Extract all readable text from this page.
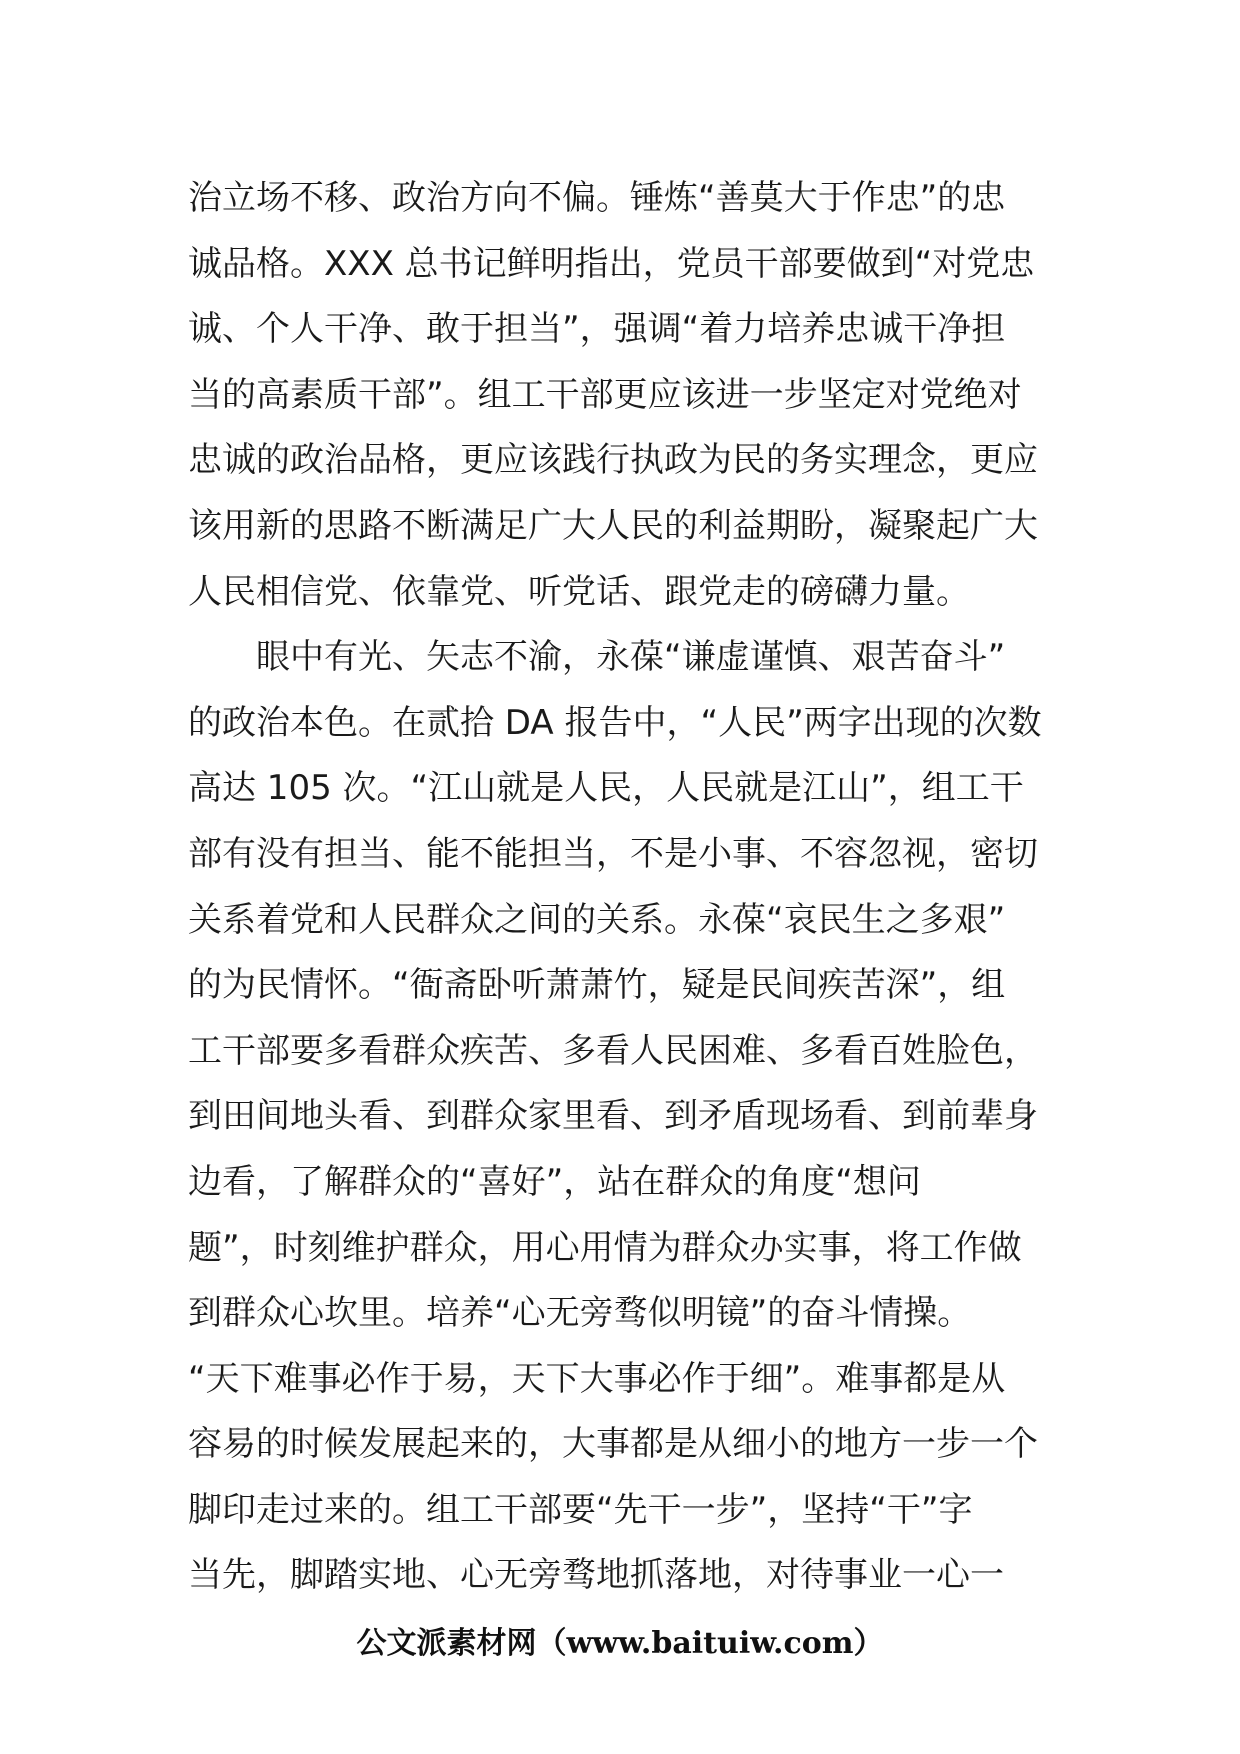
治立场不移、政治方向不偏。锤炼“善莫大于作忠”的忠
诚品格。XXX 总书记鲜明指出，党员干部要做到“对党忠
诚、个人干净、敢于担当”，强调“着力培养忠诚干净担
当的高素质干部”。组工干部更应该进一步坚定对党绝对
忠诚的政治品格，更应该践行执政为民的务实理念，更应
该用新的思路不断满足广大人民的利益期盼，凝聚起广大
人民相信党、依靠党、听党话、跟党走的磅礴力量。
　　眼中有光、矢志不渝，永葆“谦虚谨慎、艰苦奋斗”
的政治本色。在贰拾 DA 报告中，“人民”两字出现的次数
高达 105 次。“江山就是人民，人民就是江山”，组工干
部有没有担当、能不能担当，不是小事、不容忽视，密切
关系着党和人民群众之间的关系。永葆“哀民生之多艰”
的为民情怀。“衙斋卧听萧萧竹，疑是民间疾苦深”，组
工干部要多看群众疾苦、多看人民困难、多看百姓脸色，
到田间地头看、到群众家里看、到矛盾现场看、到前辈身
边看，了解群众的“喜好”，站在群众的角度“想问
题”，时刻维护群众，用心用情为群众办实事，将工作做
到群众心坎里。培养“心无旁骛似明镜”的奋斗情操。
“天下难事必作于易，天下大事必作于细”。难事都是从
容易的时候发展起来的，大事都是从细小的地方一步一个
脚印走过来的。组工干部要“先干一步”，坚持“干”字
当先，脚踏实地、心无旁骛地抓落地，对待事业一心一
公文派素材网（www.baituiw.com）
